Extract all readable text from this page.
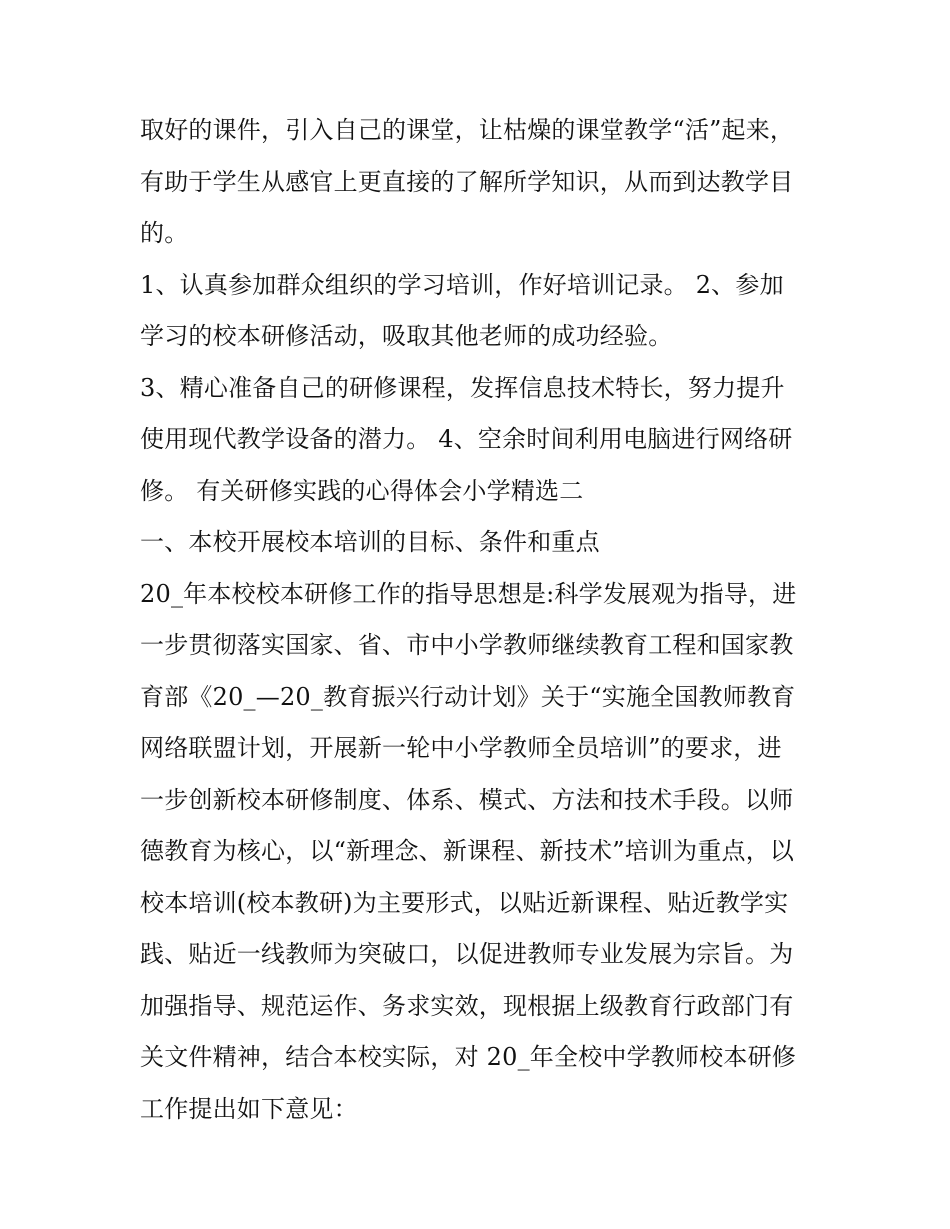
取好的课件，引入自己的课堂，让枯燥的课堂教学“活”起来，
有助于学生从感官上更直接的了解所学知识，从而到达教学目
的。
1、认真参加群众组织的学习培训，作好培训记录。 2、参加
学习的校本研修活动，吸取其他老师的成功经验。
3、精心准备自己的研修课程，发挥信息技术特长，努力提升
使用现代教学设备的潜力。 4、空余时间利用电脑进行网络研
修。 有关研修实践的心得体会小学精选二
一、本校开展校本培训的目标、条件和重点
20_年本校校本研修工作的指导思想是:科学发展观为指导，进
一步贯彻落实国家、省、市中小学教师继续教育工程和国家教
育部《20_—20_教育振兴行动计划》关于“实施全国教师教育
网络联盟计划，开展新一轮中小学教师全员培训”的要求，进
一步创新校本研修制度、体系、模式、方法和技术手段。以师
德教育为核心，以“新理念、新课程、新技术”培训为重点，以
校本培训(校本教研)为主要形式，以贴近新课程、贴近教学实
践、贴近一线教师为突破口，以促进教师专业发展为宗旨。为
加强指导、规范运作、务求实效，现根据上级教育行政部门有
关文件精神，结合本校实际，对 20_年全校中学教师校本研修
工作提出如下意见：
